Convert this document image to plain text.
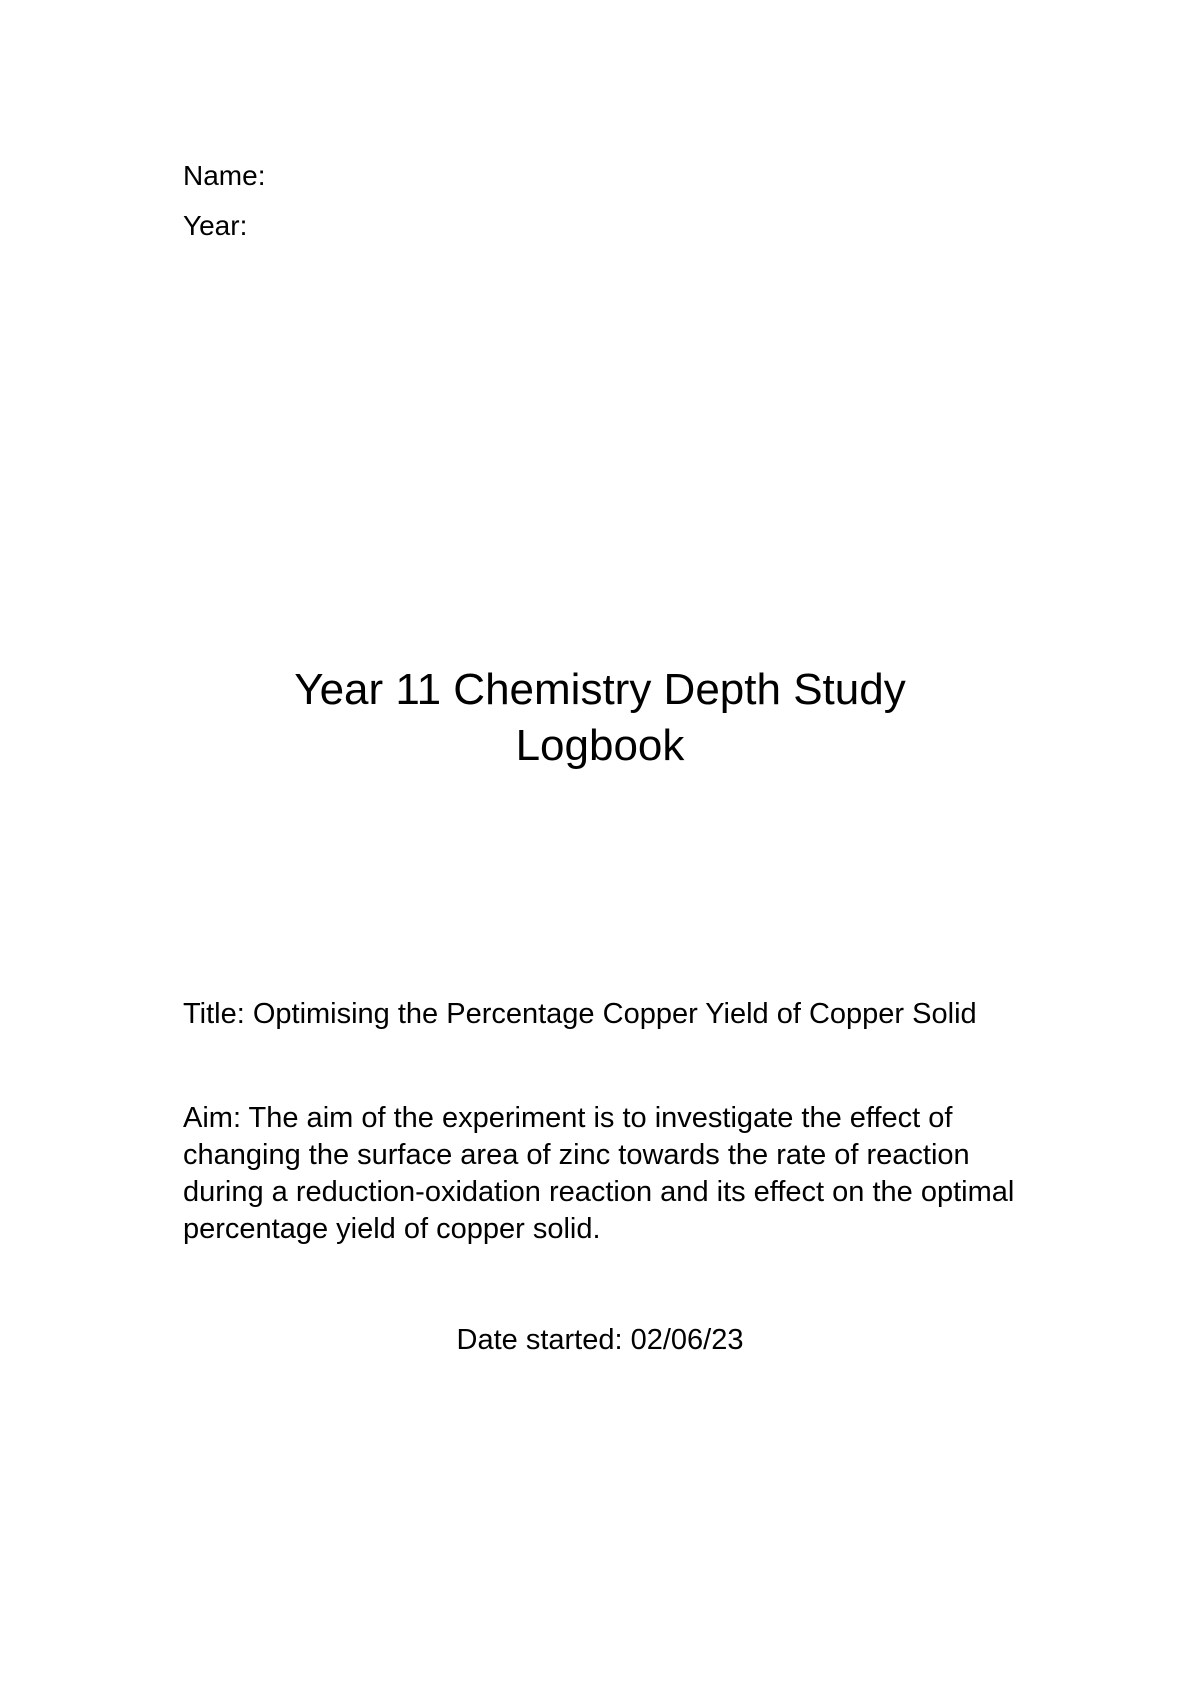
Name:
Year:
Year 11 Chemistry Depth Study
Logbook
Title: Optimising the Percentage Copper Yield of Copper Solid
Aim: The aim of the experiment is to investigate the effect of changing the surface area of zinc towards the rate of reaction during a reduction-oxidation reaction and its effect on the optimal percentage yield of copper solid.
Date started: 02/06/23
